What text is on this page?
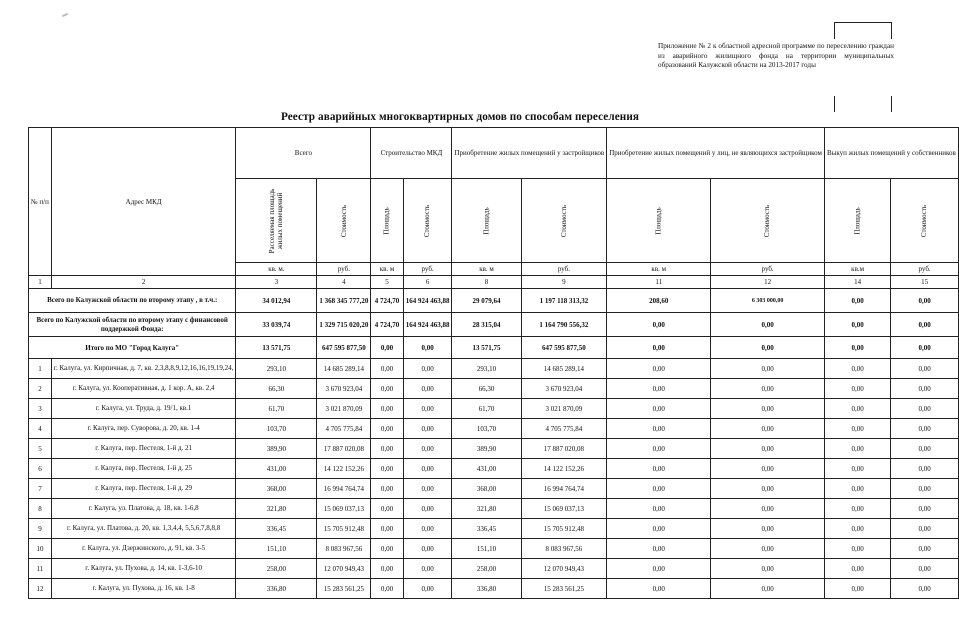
Приложение № 2 к областной адресной программе по переселению граждан из аварийного жилищного фонда на территории муниципальных образований Калужской области на 2013-2017 годы
Реестр аварийных многоквартирных домов по способам переселения
№ п/п	Адрес МКД	Всего		Строительство МКД		Приобретение жилых помещений у застройщиков		Приобретение жилых помещений у лиц, не являющихся застройщиком		Выкуп жилых помещений у собственников	
		Расселяемая площадь жилых помещений	Стоимость	Площадь	Стоимость	Площадь	Стоимость	Площадь	Стоимость	Площадь	Стоимость
		кв. м.	руб.	кв. м	руб.	кв. м	руб.	кв. м	руб.	кв.м	руб.
1	2	3	4	5	6	8	9	11	12	14	15
Всего по Калужской области по второму этапу , в т.ч.:		34 012,94	1 368 345 777,20	4 724,70	164 924 463,88	29 079,64	1 197 118 313,32	208,60	6 303 000,00	0,00	0,00
Всего по Калужской области по второму этапу с финансовой поддержкой Фонда:		33 039,74	1 329 715 020,20	4 724,70	164 924 463,88	28 315,04	1 164 790 556,32	0,00	0,00	0,00	0,00
Итого по МО "Город Калуга"		13 571,75	647 595 877,50	0,00	0,00	13 571,75	647 595 877,50	0,00	0,00	0,00	0,00
1	г. Калуга, ул. Кирпичная, д. 7, кв. 2,3,8,8,9,12,16,16,19,19,24,	293,10	14 685 289,14	0,00	0,00	293,10	14 685 289,14	0,00	0,00	0,00	0,00
2	г. Калуга, ул. Кооперативная, д. 1 кор. А, кв. 2,4	66,30	3 670 923,04	0,00	0,00	66,30	3 670 923,04	0,00	0,00	0,00	0,00
3	г. Калуга, ул. Труда, д. 19/1, кв.1	61,70	3 021 870,09	0,00	0,00	61,70	3 021 870,09	0,00	0,00	0,00	0,00
4	г. Калуга, пер. Суворова, д. 20, кв. 1-4	103,70	4 705 775,84	0,00	0,00	103,70	4 705 775,84	0,00	0,00	0,00	0,00
5	г. Калуга, пер. Пестеля, 1-й д. 21	389,90	17 887 020,08	0,00	0,00	389,90	17 887 020,08	0,00	0,00	0,00	0,00
6	г. Калуга, пер. Пестеля, 1-й д. 25	431,00	14 122 152,26	0,00	0,00	431,00	14 122 152,26	0,00	0,00	0,00	0,00
7	г. Калуга, пер. Пестеля, 1-й д. 29	368,00	16 994 764,74	0,00	0,00	368,00	16 994 764,74	0,00	0,00	0,00	0,00
8	г. Калуга, ул. Платова, д. 18, кв. 1-6,8	321,80	15 069 037,13	0,00	0,00	321,80	15 069 037,13	0,00	0,00	0,00	0,00
9	г. Калуга, ул. Платова, д. 20, кв. 1,3,4,4, 5,5,6,7,8,8,8	336,45	15 705 912,48	0,00	0,00	336,45	15 705 912,48	0,00	0,00	0,00	0,00
10	г. Калуга, ул. Дзержинского, д. 91, кв. 3-5	151,10	8 083 967,56	0,00	0,00	151,10	8 083 967,56	0,00	0,00	0,00	0,00
11	г. Калуга, ул. Пухова, д. 14, кв. 1-3,6-10	258,00	12 070 949,43	0,00	0,00	258,00	12 070 949,43	0,00	0,00	0,00	0,00
12	г. Калуга, ул. Пухова, д. 16, кв. 1-8	336,80	15 283 561,25	0,00	0,00	336,80	15 283 561,25	0,00	0,00	0,00	0,00
